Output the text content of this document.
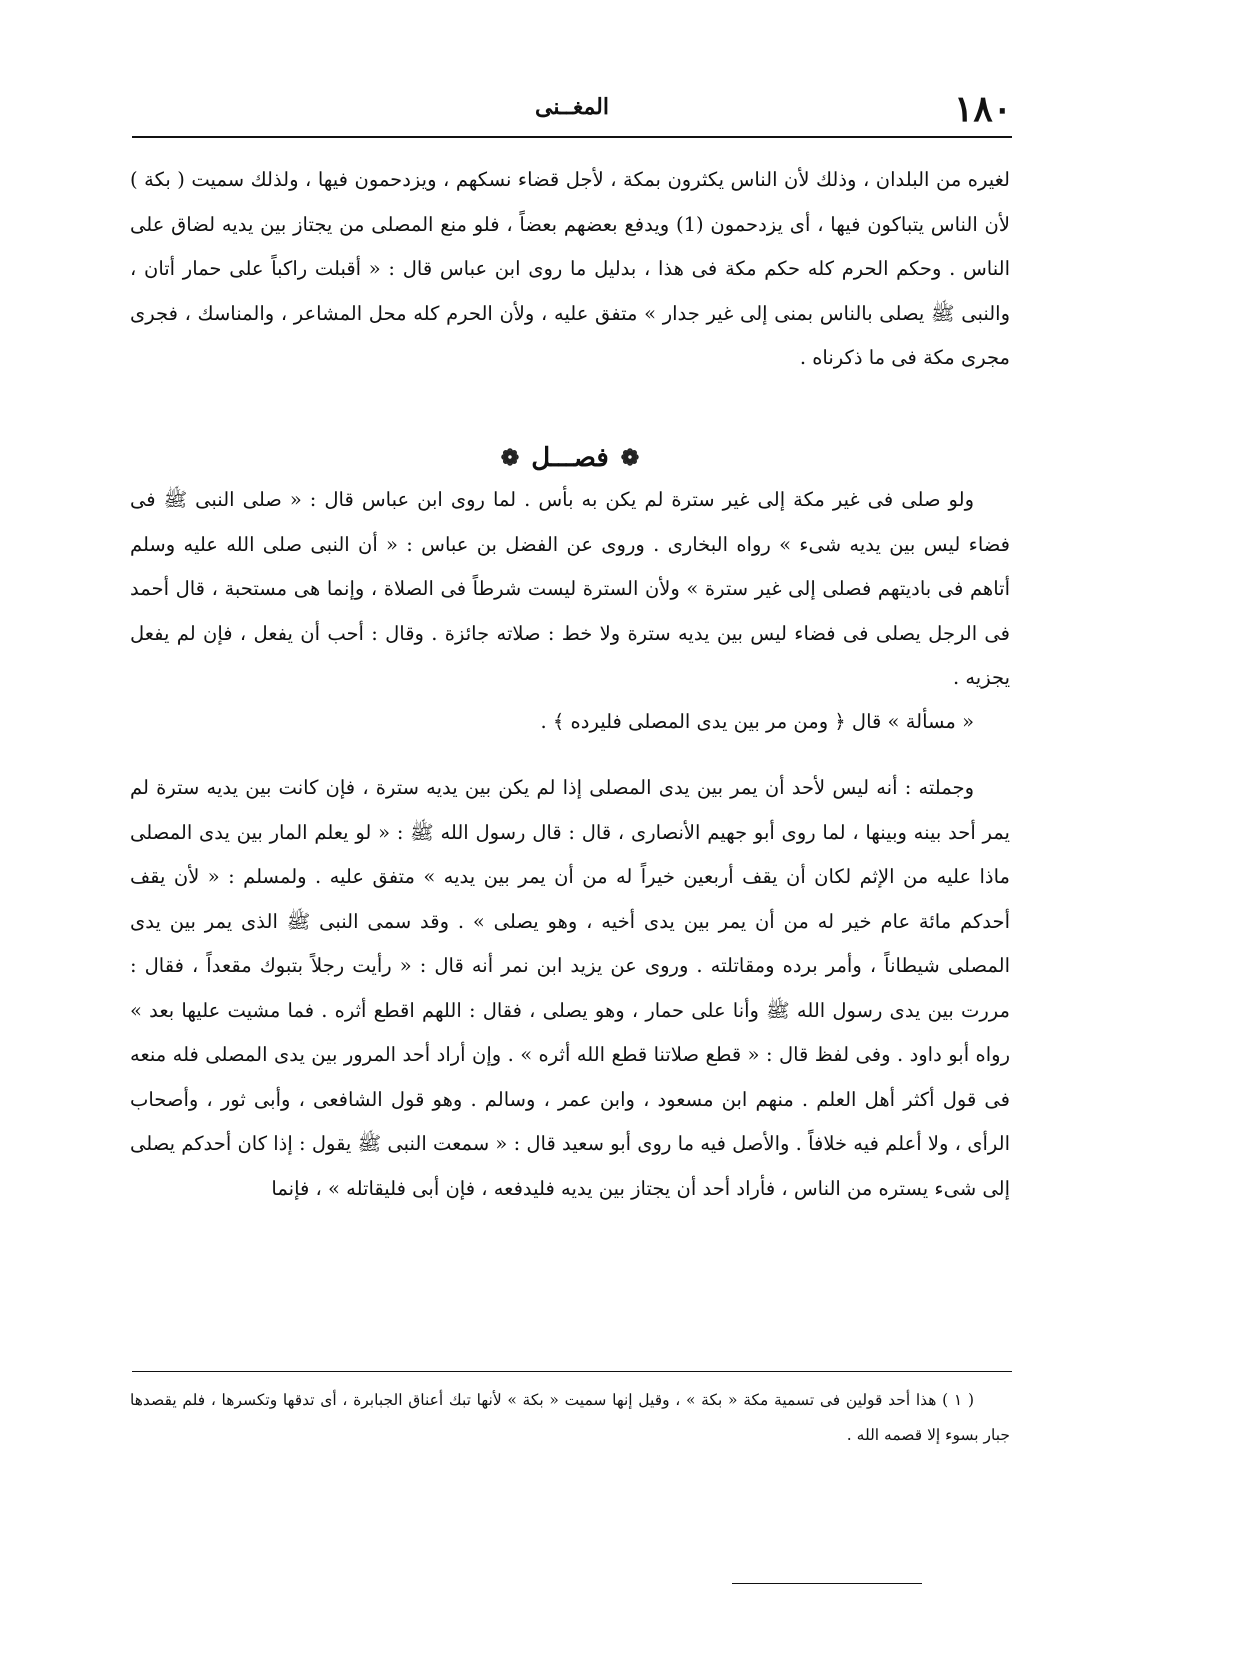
١٨٠
المغــنى

لغيره من البلدان ، وذلك لأن الناس يكثرون بمكة ، لأجل قضاء نسكهم ، ويزدحمون فيها ، ولذلك سميت ( بكة ) لأن الناس يتباكون فيها ، أى يزدحمون (1) ويدفع بعضهم بعضاً ، فلو منع المصلى من يجتاز بين يديه لضاق على الناس . وحكم الحرم كله حكم مكة فى هذا ، بدليل ما روى ابن عباس قال : « أقبلت راكباً على حمار أتان ، والنبى ﷺ يصلى بالناس بمنى إلى غير جدار » متفق عليه ، ولأن الحرم كله محل المشاعر ، والمناسك ، فجرى مجرى مكة فى ما ذكرناه .

❁
فصـــل
❁

ولو صلى فى غير مكة إلى غير سترة لم يكن به بأس . لما روى ابن عباس قال : « صلى النبى ﷺ فى فضاء ليس بين يديه شىء » رواه البخارى . وروى عن الفضل بن عباس : « أن النبى صلى الله عليه وسلم أتاهم فى باديتهم فصلى إلى غير سترة » ولأن السترة ليست شرطاً فى الصلاة ، وإنما هى مستحبة ، قال أحمد فى الرجل يصلى فى فضاء ليس بين يديه سترة ولا خط : صلاته جائزة . وقال : أحب أن يفعل ، فإن لم يفعل يجزيه .

« مسألة » قال ﴿ ومن مر بين يدى المصلى فليرده ﴾ .

وجملته : أنه ليس لأحد أن يمر بين يدى المصلى إذا لم يكن بين يديه سترة ، فإن كانت بين يديه سترة لم يمر أحد بينه وبينها ، لما روى أبو جهيم الأنصارى ، قال : قال رسول الله ﷺ : « لو يعلم المار بين يدى المصلى ماذا عليه من الإثم لكان أن يقف أربعين خيراً له من أن يمر بين يديه » متفق عليه . ولمسلم : « لأن يقف أحدكم مائة عام خير له من أن يمر بين يدى أخيه ، وهو يصلى » . وقد سمى النبى ﷺ الذى يمر بين يدى المصلى شيطاناً ، وأمر برده ومقاتلته . وروى عن يزيد ابن نمر أنه قال : « رأيت رجلاً بتبوك مقعداً ، فقال : مررت بين يدى رسول الله ﷺ وأنا على حمار ، وهو يصلى ، فقال : اللهم اقطع أثره . فما مشيت عليها بعد » رواه أبو داود . وفى لفظ قال : « قطع صلاتنا قطع الله أثره » . وإن أراد أحد المرور بين يدى المصلى فله منعه فى قول أكثر أهل العلم . منهم ابن مسعود ، وابن عمر ، وسالم . وهو قول الشافعى ، وأبى ثور ، وأصحاب الرأى ، ولا أعلم فيه خلافاً . والأصل فيه ما روى أبو سعيد قال : « سمعت النبى ﷺ يقول : إذا كان أحدكم يصلى إلى شىء يستره من الناس ، فأراد أحد أن يجتاز بين يديه فليدفعه ، فإن أبى فليقاتله » ، فإنما

( ١ ) هذا أحد قولين فى تسمية مكة « بكة » ، وقيل إنها سميت « بكة » لأنها تبك أعناق الجبابرة ، أى تدقها وتكسرها ، فلم يقصدها جبار بسوء إلا قصمه الله .
